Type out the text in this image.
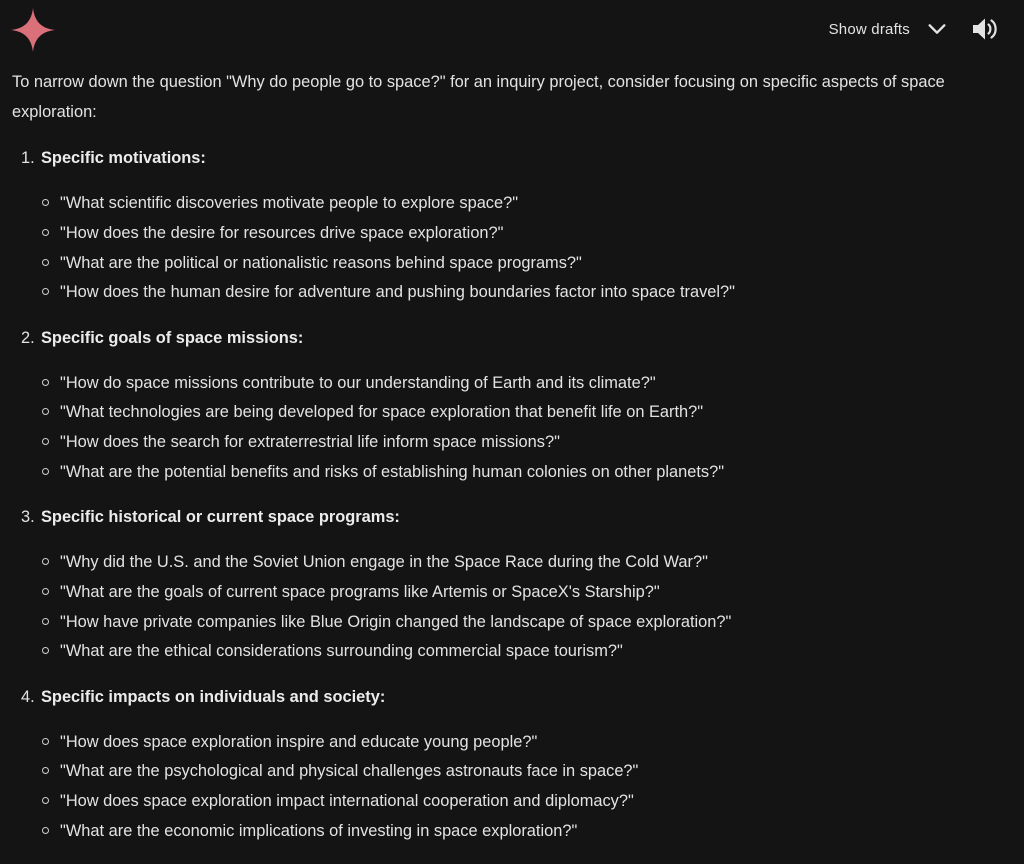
Show drafts

To narrow down the question "Why do people go to space?" for an inquiry project, consider focusing on specific aspects of space exploration:

1. Specific motivations:
"What scientific discoveries motivate people to explore space?"
"How does the desire for resources drive space exploration?"
"What are the political or nationalistic reasons behind space programs?"
"How does the human desire for adventure and pushing boundaries factor into space travel?"
2. Specific goals of space missions:
"How do space missions contribute to our understanding of Earth and its climate?"
"What technologies are being developed for space exploration that benefit life on Earth?"
"How does the search for extraterrestrial life inform space missions?"
"What are the potential benefits and risks of establishing human colonies on other planets?"
3. Specific historical or current space programs:
"Why did the U.S. and the Soviet Union engage in the Space Race during the Cold War?"
"What are the goals of current space programs like Artemis or SpaceX's Starship?"
"How have private companies like Blue Origin changed the landscape of space exploration?"
"What are the ethical considerations surrounding commercial space tourism?"
4. Specific impacts on individuals and society:
"How does space exploration inspire and educate young people?"
"What are the psychological and physical challenges astronauts face in space?"
"How does space exploration impact international cooperation and diplomacy?"
"What are the economic implications of investing in space exploration?"
